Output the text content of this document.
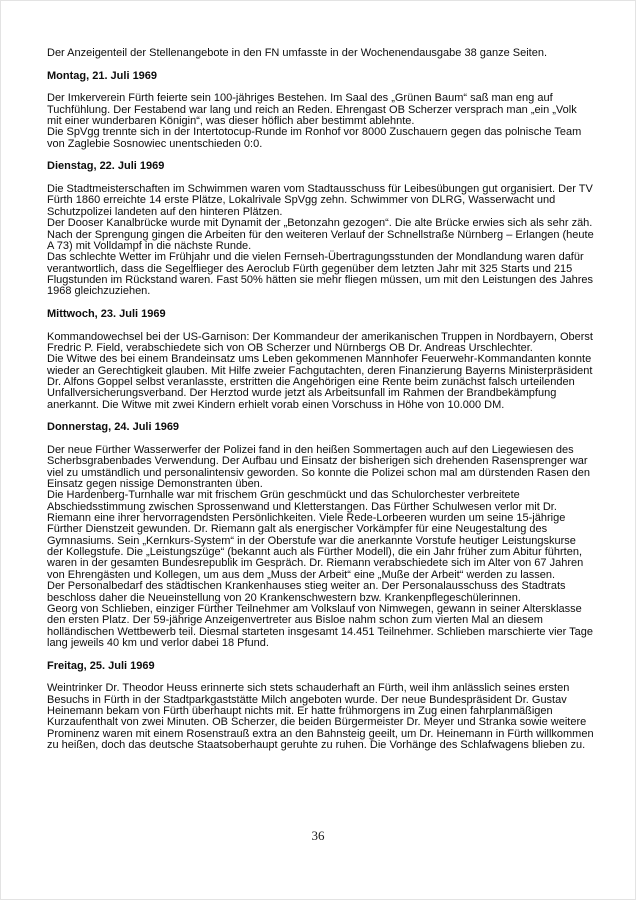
Der Anzeigenteil der Stellenangebote in den FN umfasste in der Wochenendausgabe 38 ganze Seiten.

Montag, 21. Juli 1969

Der Imkerverein Fürth feierte sein 100-jähriges Bestehen. Im Saal des „Grünen Baum“ saß man eng auf Tuchfühlung. Der Festabend war lang und reich an Reden. Ehrengast OB Scherzer versprach man „ein „Volk mit einer wunderbaren Königin“, was dieser höflich aber bestimmt ablehnte.

Die SpVgg trennte sich in der Intertotocup-Runde im Ronhof vor 8000 Zuschauern gegen das polnische Team von Zaglebie Sosnowiec unentschieden 0:0.

Dienstag, 22. Juli 1969

Die Stadtmeisterschaften im Schwimmen waren vom Stadtausschuss für Leibesübungen gut organisiert. Der TV Fürth 1860 erreichte 14 erste Plätze, Lokalrivale SpVgg zehn. Schwimmer von DLRG, Wasserwacht und Schutzpolizei landeten auf den hinteren Plätzen.

Der Dooser Kanalbrücke wurde mit Dynamit der „Betonzahn gezogen“. Die alte Brücke erwies sich als sehr zäh. Nach der Sprengung gingen die Arbeiten für den weiteren Verlauf der Schnellstraße Nürnberg – Erlangen (heute A 73) mit Volldampf in die nächste Runde.

Das schlechte Wetter im Frühjahr und die vielen Fernseh-Übertragungsstunden der Mondlandung waren dafür verantwortlich, dass die Segelflieger des Aeroclub Fürth gegenüber dem letzten Jahr mit 325 Starts und 215 Flugstunden im Rückstand waren. Fast 50% hätten sie mehr fliegen müssen, um mit den Leistungen des Jahres 1968 gleichzuziehen.

Mittwoch, 23. Juli 1969

Kommandowechsel bei der US-Garnison: Der Kommandeur der amerikanischen Truppen in Nordbayern, Oberst Fredric P. Field, verabschiedete sich von OB Scherzer und Nürnbergs OB Dr. Andreas Urschlechter.

Die Witwe des bei einem Brandeinsatz ums Leben gekommenen Mannhofer Feuerwehr-Kommandanten konnte wieder an Gerechtigkeit glauben. Mit Hilfe zweier Fachgutachten, deren Finanzierung Bayerns Ministerpräsident Dr. Alfons Goppel selbst veranlasste, erstritten die Angehörigen eine Rente beim zunächst falsch urteilenden Unfallversicherungsverband. Der Herztod wurde jetzt als Arbeitsunfall im Rahmen der Brandbekämpfung anerkannt. Die Witwe mit zwei Kindern erhielt vorab einen Vorschuss in Höhe von 10.000 DM.

Donnerstag, 24. Juli 1969

Der neue Fürther Wasserwerfer der Polizei fand in den heißen Sommertagen auch auf den Liegewiesen des Scherbsgrabenbades Verwendung. Der Aufbau und Einsatz der bisherigen sich drehenden Rasensprenger war viel zu umständlich und personalintensiv geworden. So konnte die Polizei schon mal am dürstenden Rasen den Einsatz gegen nissige Demonstranten üben.

Die Hardenberg-Turnhalle war mit frischem Grün geschmückt und das Schulorchester verbreitete Abschiedsstimmung zwischen Sprossenwand und Kletterstangen. Das Fürther Schulwesen verlor mit Dr. Riemann eine ihrer hervorragendsten Persönlichkeiten. Viele Rede-Lorbeeren wurden um seine 15-jährige Fürther Dienstzeit gewunden. Dr. Riemann galt als energischer Vorkämpfer für eine Neugestaltung des Gymnasiums. Sein „Kernkurs-System“ in der Oberstufe war die anerkannte Vorstufe heutiger Leistungskurse der Kollegstufe. Die „Leistungszüge“ (bekannt auch als Fürther Modell), die ein Jahr früher zum Abitur führten, waren in der gesamten Bundesrepublik im Gespräch. Dr. Riemann verabschiedete sich im Alter von 67 Jahren von Ehrengästen und Kollegen, um aus dem „Muss der Arbeit“ eine „Muße der Arbeit“ werden zu lassen.

Der Personalbedarf des städtischen Krankenhauses stieg weiter an. Der Personalausschuss des Stadtrats beschloss daher die Neueinstellung von 20 Krankenschwestern bzw. Krankenpflegeschülerinnen.

Georg von Schlieben, einziger Fürther Teilnehmer am Volkslauf von Nimwegen, gewann in seiner Altersklasse den ersten Platz. Der 59-jährige Anzeigenvertreter aus Bisloe nahm schon zum vierten Mal an diesem holländischen Wettbewerb teil. Diesmal starteten insgesamt 14.451 Teilnehmer. Schlieben marschierte vier Tage lang jeweils 40 km und verlor dabei 18 Pfund.

Freitag, 25. Juli 1969

Weintrinker Dr. Theodor Heuss erinnerte sich stets schauderhaft an Fürth, weil ihm anlässlich seines ersten Besuchs in Fürth in der Stadtparkgaststätte Milch angeboten wurde. Der neue Bundespräsident Dr. Gustav Heinemann bekam von Fürth überhaupt nichts mit. Er hatte frühmorgens im Zug einen fahrplanmäßigen Kurzaufenthalt von zwei Minuten. OB Scherzer, die beiden Bürgermeister Dr. Meyer und Stranka sowie weitere Prominenz waren mit einem Rosenstrauß extra an den Bahnsteig geeilt, um Dr. Heinemann in Fürth willkommen zu heißen, doch das deutsche Staatsoberhaupt geruhte zu ruhen. Die Vorhänge des Schlafwagens blieben zu.

36
